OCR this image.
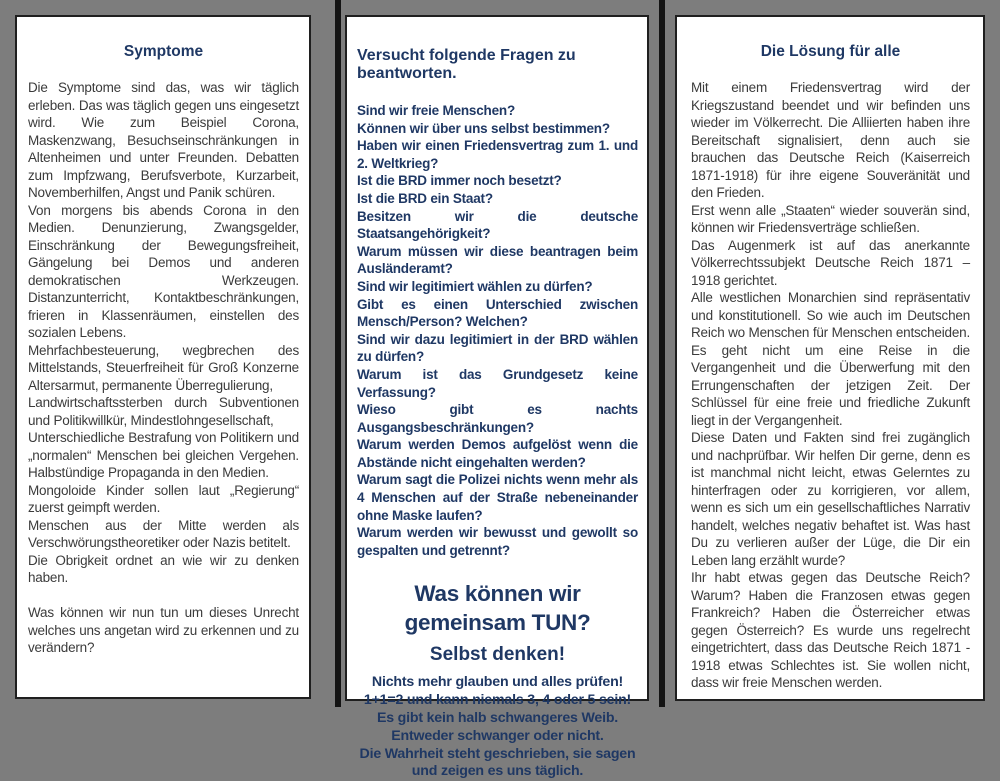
Symptome

Die Symptome sind das, was wir täglich erleben. Das was täglich gegen uns eingesetzt wird. Wie zum Beispiel Corona, Maskenzwang, Besuchseinschränkungen in Altenheimen und unter Freunden. Debatten zum Impfzwang, Berufsverbote, Kurzarbeit, Novemberhilfen, Angst und Panik schüren.

Von morgens bis abends Corona in den Medien. Denunzierung, Zwangsgelder, Einschränkung der Bewegungsfreiheit, Gängelung bei Demos und anderen demokratischen Werkzeugen. Distanzunterricht, Kontaktbeschränkungen, frieren in Klassenräumen, einstellen des sozialen Lebens.

Mehrfachbesteuerung, wegbrechen des Mittelstands, Steuerfreiheit für Groß Konzerne Altersarmut, permanente Überregulierung,

Landwirtschaftssterben durch Subventionen und Politikwillkür, Mindestlohngesellschaft,

Unterschiedliche Bestrafung von Politikern und „normalen“ Menschen bei gleichen Vergehen. Halbstündige Propaganda in den Medien.

Mongoloide Kinder sollen laut „Regierung“ zuerst geimpft werden.

Menschen aus der Mitte werden als Verschwörungstheoretiker oder Nazis betitelt.

Die Obrigkeit ordnet an wie wir zu denken haben.

Was können wir nun tun um dieses Unrecht welches uns angetan wird zu erkennen und zu verändern?

Versucht folgende Fragen zu beantworten.

Sind wir freie Menschen?

Können wir über uns selbst bestimmen?

Haben wir einen Friedensvertrag zum 1. und 2. Weltkrieg?

Ist die BRD immer noch besetzt?

Ist die BRD ein Staat?

Besitzen wir die deutsche Staatsangehörigkeit?

Warum müssen wir diese beantragen beim Ausländeramt?

Sind wir legitimiert wählen zu dürfen?

Gibt es einen Unterschied zwischen Mensch/Person? Welchen?

Sind wir dazu legitimiert in der BRD wählen zu dürfen?

Warum ist das Grundgesetz keine Verfassung?

Wieso gibt es nachts Ausgangsbeschränkungen?

Warum werden Demos aufgelöst wenn die Abstände nicht eingehalten werden?

Warum sagt die Polizei nichts wenn mehr als 4 Menschen auf der Straße nebeneinander ohne Maske laufen?

Warum werden wir bewusst und gewollt so gespalten und getrennt?

Was können wir gemeinsam TUN?
Selbst denken!

Nichts mehr glauben und alles prüfen!

1+1=2 und kann niemals 3, 4 oder 5 sein!

Es gibt kein halb schwangeres Weib. Entweder schwanger oder nicht.

Die Wahrheit steht geschrieben, sie sagen und zeigen es uns täglich.

Die Lösung für alle

Mit einem Friedensvertrag wird der Kriegszustand beendet und wir befinden uns wieder im Völkerrecht. Die Alliierten haben ihre Bereitschaft signalisiert, denn auch sie brauchen das Deutsche Reich (Kaiserreich 1871-1918) für ihre eigene Souveränität und den Frieden.

Erst wenn alle „Staaten“ wieder souverän sind, können wir Friedensverträge schließen.

Das Augenmerk ist auf das anerkannte Völkerrechtssubjekt Deutsche Reich 1871 – 1918 gerichtet.

Alle westlichen Monarchien sind repräsentativ und konstitutionell. So wie auch im Deutschen Reich wo Menschen für Menschen entscheiden. Es geht nicht um eine Reise in die Vergangenheit und die Überwerfung mit den Errungenschaften der jetzigen Zeit. Der Schlüssel für eine freie und friedliche Zukunft liegt in der Vergangenheit.

Diese Daten und Fakten sind frei zugänglich und nachprüfbar. Wir helfen Dir gerne, denn es ist manchmal nicht leicht, etwas Gelerntes zu hinterfragen oder zu korrigieren, vor allem, wenn es sich um ein gesellschaftliches Narrativ handelt, welches negativ behaftet ist. Was hast Du zu verlieren außer der Lüge, die Dir ein Leben lang erzählt wurde?

Ihr habt etwas gegen das Deutsche Reich? Warum? Haben die Franzosen etwas gegen Frankreich? Haben die Österreicher etwas gegen Österreich? Es wurde uns regelrecht eingetrichtert, dass das Deutsche Reich 1871 - 1918 etwas Schlechtes ist. Sie wollen nicht, dass wir freie Menschen werden.
